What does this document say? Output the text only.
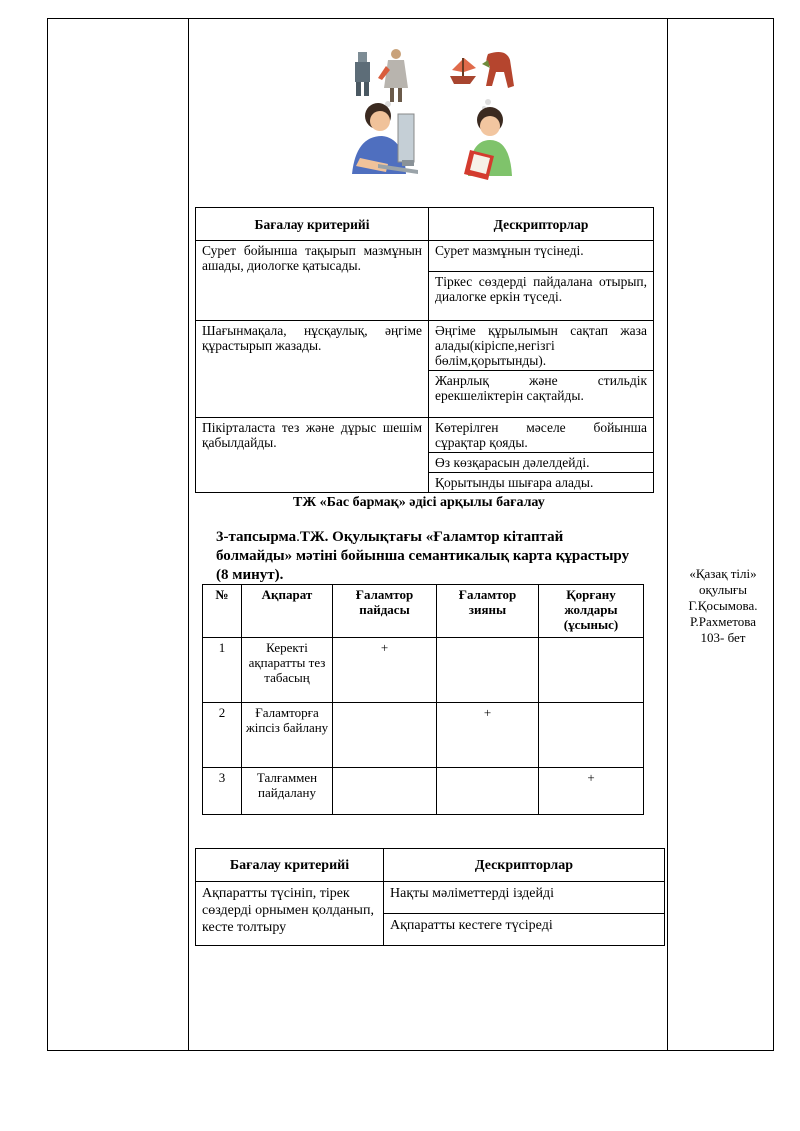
Бағалау критерийі	Дескрипторлар
Сурет бойынша тақырып мазмұнын ашады, диологке қатысады.	Сурет мазмұнын түсінеді.
	Тіркес сөздерді пайдалана отырып, диалогке еркін түседі.
Шағынмақала, нұсқаулық, әңгіме құрастырып жазады.	Әңгіме құрылымын сақтап жаза алады(кіріспе,негізгі бөлім,қорытынды).
	Жанрлық және стильдік ерекшеліктерін сақтайды.
Пікірталаста тез және дұрыс шешім қабылдайды.	Көтерілген мәселе бойынша сұрақтар қояды.
	Өз көзқарасын дәлелдейді.
	Қорытынды шығара алады.
ТЖ «Бас бармақ» әдісі арқылы бағалау
3-тапсырма.ТЖ. Оқулықтағы «Ғаламтор кітаптай болмайды» мәтіні бойынша семантикалық карта құрастыру (8 минут).
№	Ақпарат	Ғаламтор пайдасы	Ғаламтор зияны	Қорғану жолдары (ұсыныс)
1	Керекті ақпаратты тез табасың	+		
2	Ғаламторға жіпсіз байлану		+	
3	Талғаммен пайдалану			+
Бағалау критерийі	Дескрипторлар
Ақпаратты түсініп, тірек сөздерді орнымен қолданып, кесте толтыру	Нақты мәліметтерді іздейді
	Ақпаратты кестеге түсіреді
«Қазақ тілі»
оқулығы
Г.Қосымова.
Р.Рахметова
103- бет
